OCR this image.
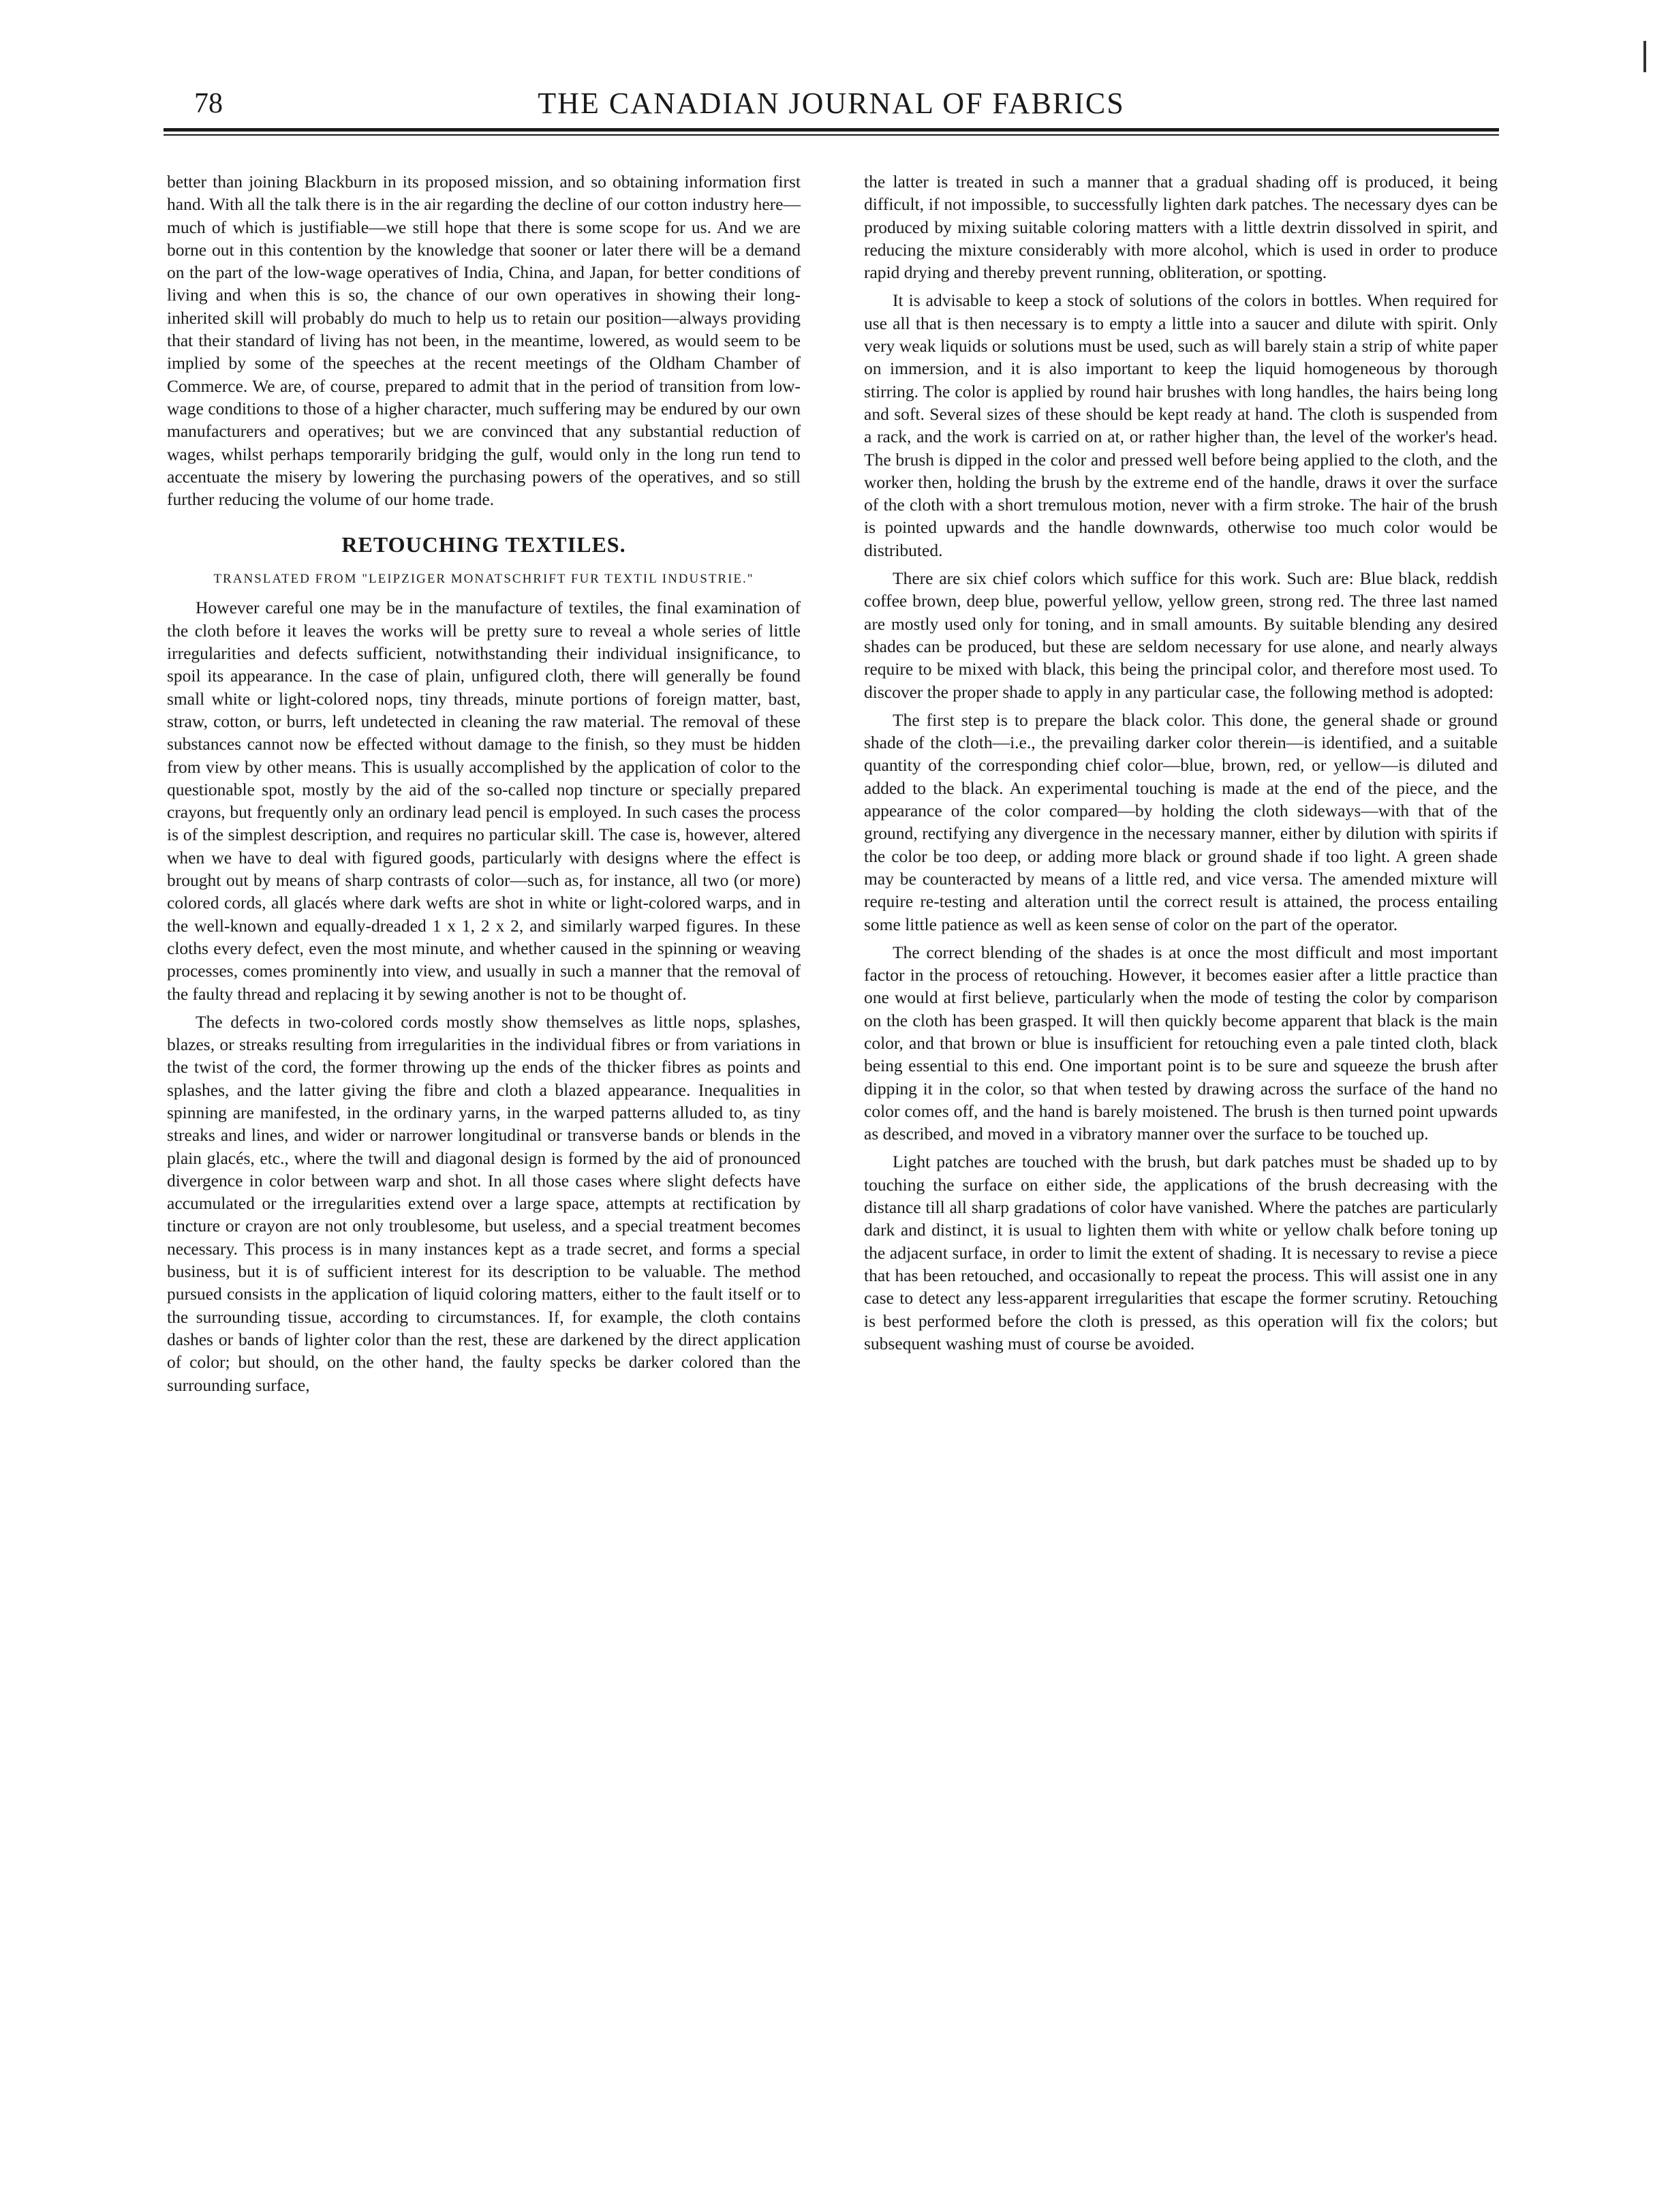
78	THE CANADIAN JOURNAL OF FABRICS

better than joining Blackburn in its proposed mission, and so obtaining information first hand. With all the talk there is in the air regarding the decline of our cotton industry here—much of which is justifiable—we still hope that there is some scope for us. And we are borne out in this contention by the knowledge that sooner or later there will be a demand on the part of the low-wage operatives of India, China, and Japan, for better conditions of living and when this is so, the chance of our own operatives in showing their long-inherited skill will probably do much to help us to retain our position—always providing that their standard of living has not been, in the meantime, lowered, as would seem to be implied by some of the speeches at the recent meetings of the Oldham Chamber of Commerce. We are, of course, prepared to admit that in the period of transition from low-wage conditions to those of a higher character, much suffering may be endured by our own manufacturers and operatives; but we are convinced that any substantial reduction of wages, whilst perhaps temporarily bridging the gulf, would only in the long run tend to accentuate the misery by lowering the purchasing powers of the operatives, and so still further reducing the volume of our home trade.

RETOUCHING TEXTILES.
TRANSLATED FROM "LEIPZIGER MONATSCHRIFT FUR TEXTIL INDUSTRIE."

However careful one may be in the manufacture of textiles, the final examination of the cloth before it leaves the works will be pretty sure to reveal a whole series of little irregularities and defects sufficient, notwithstanding their individual insignificance, to spoil its appearance. In the case of plain, unfigured cloth, there will generally be found small white or light-colored nops, tiny threads, minute portions of foreign matter, bast, straw, cotton, or burrs, left undetected in cleaning the raw material. The removal of these substances cannot now be effected without damage to the finish, so they must be hidden from view by other means. This is usually accomplished by the application of color to the questionable spot, mostly by the aid of the so-called nop tincture or specially prepared crayons, but frequently only an ordinary lead pencil is employed. In such cases the process is of the simplest description, and requires no particular skill. The case is, however, altered when we have to deal with figured goods, particularly with designs where the effect is brought out by means of sharp contrasts of color—such as, for instance, all two (or more) colored cords, all glacés where dark wefts are shot in white or light-colored warps, and in the well-known and equally-dreaded 1 x 1, 2 x 2, and similarly warped figures. In these cloths every defect, even the most minute, and whether caused in the spinning or weaving processes, comes prominently into view, and usually in such a manner that the removal of the faulty thread and replacing it by sewing another is not to be thought of.

The defects in two-colored cords mostly show themselves as little nops, splashes, blazes, or streaks resulting from irregularities in the individual fibres or from variations in the twist of the cord, the former throwing up the ends of the thicker fibres as points and splashes, and the latter giving the fibre and cloth a blazed appearance. Inequalities in spinning are manifested, in the ordinary yarns, in the warped patterns alluded to, as tiny streaks and lines, and wider or narrower longitudinal or transverse bands or blends in the plain glacés, etc., where the twill and diagonal design is formed by the aid of pronounced divergence in color between warp and shot. In all those cases where slight defects have accumulated or the irregularities extend over a large space, attempts at rectification by tincture or crayon are not only troublesome, but useless, and a special treatment becomes necessary. This process is in many instances kept as a trade secret, and forms a special business, but it is of sufficient interest for its description to be valuable. The method pursued consists in the application of liquid coloring matters, either to the fault itself or to the surrounding tissue, according to circumstances. If, for example, the cloth contains dashes or bands of lighter color than the rest, these are darkened by the direct application of color; but should, on the other hand, the faulty specks be darker colored than the surrounding surface,

the latter is treated in such a manner that a gradual shading off is produced, it being difficult, if not impossible, to successfully lighten dark patches. The necessary dyes can be produced by mixing suitable coloring matters with a little dextrin dissolved in spirit, and reducing the mixture considerably with more alcohol, which is used in order to produce rapid drying and thereby prevent running, obliteration, or spotting.

It is advisable to keep a stock of solutions of the colors in bottles. When required for use all that is then necessary is to empty a little into a saucer and dilute with spirit. Only very weak liquids or solutions must be used, such as will barely stain a strip of white paper on immersion, and it is also important to keep the liquid homogeneous by thorough stirring. The color is applied by round hair brushes with long handles, the hairs being long and soft. Several sizes of these should be kept ready at hand. The cloth is suspended from a rack, and the work is carried on at, or rather higher than, the level of the worker's head. The brush is dipped in the color and pressed well before being applied to the cloth, and the worker then, holding the brush by the extreme end of the handle, draws it over the surface of the cloth with a short tremulous motion, never with a firm stroke. The hair of the brush is pointed upwards and the handle downwards, otherwise too much color would be distributed.

There are six chief colors which suffice for this work. Such are: Blue black, reddish coffee brown, deep blue, powerful yellow, yellow green, strong red. The three last named are mostly used only for toning, and in small amounts. By suitable blending any desired shades can be produced, but these are seldom necessary for use alone, and nearly always require to be mixed with black, this being the principal color, and therefore most used. To discover the proper shade to apply in any particular case, the following method is adopted:

The first step is to prepare the black color. This done, the general shade or ground shade of the cloth—i.e., the prevailing darker color therein—is identified, and a suitable quantity of the corresponding chief color—blue, brown, red, or yellow—is diluted and added to the black. An experimental touching is made at the end of the piece, and the appearance of the color compared—by holding the cloth sideways—with that of the ground, rectifying any divergence in the necessary manner, either by dilution with spirits if the color be too deep, or adding more black or ground shade if too light. A green shade may be counteracted by means of a little red, and vice versa. The amended mixture will require re-testing and alteration until the correct result is attained, the process entailing some little patience as well as keen sense of color on the part of the operator.

The correct blending of the shades is at once the most difficult and most important factor in the process of retouching. However, it becomes easier after a little practice than one would at first believe, particularly when the mode of testing the color by comparison on the cloth has been grasped. It will then quickly become apparent that black is the main color, and that brown or blue is insufficient for retouching even a pale tinted cloth, black being essential to this end. One important point is to be sure and squeeze the brush after dipping it in the color, so that when tested by drawing across the surface of the hand no color comes off, and the hand is barely moistened. The brush is then turned point upwards as described, and moved in a vibratory manner over the surface to be touched up.

Light patches are touched with the brush, but dark patches must be shaded up to by touching the surface on either side, the applications of the brush decreasing with the distance till all sharp gradations of color have vanished. Where the patches are particularly dark and distinct, it is usual to lighten them with white or yellow chalk before toning up the adjacent surface, in order to limit the extent of shading. It is necessary to revise a piece that has been retouched, and occasionally to repeat the process. This will assist one in any case to detect any less-apparent irregularities that escape the former scrutiny. Retouching is best performed before the cloth is pressed, as this operation will fix the colors; but subsequent washing must of course be avoided.
